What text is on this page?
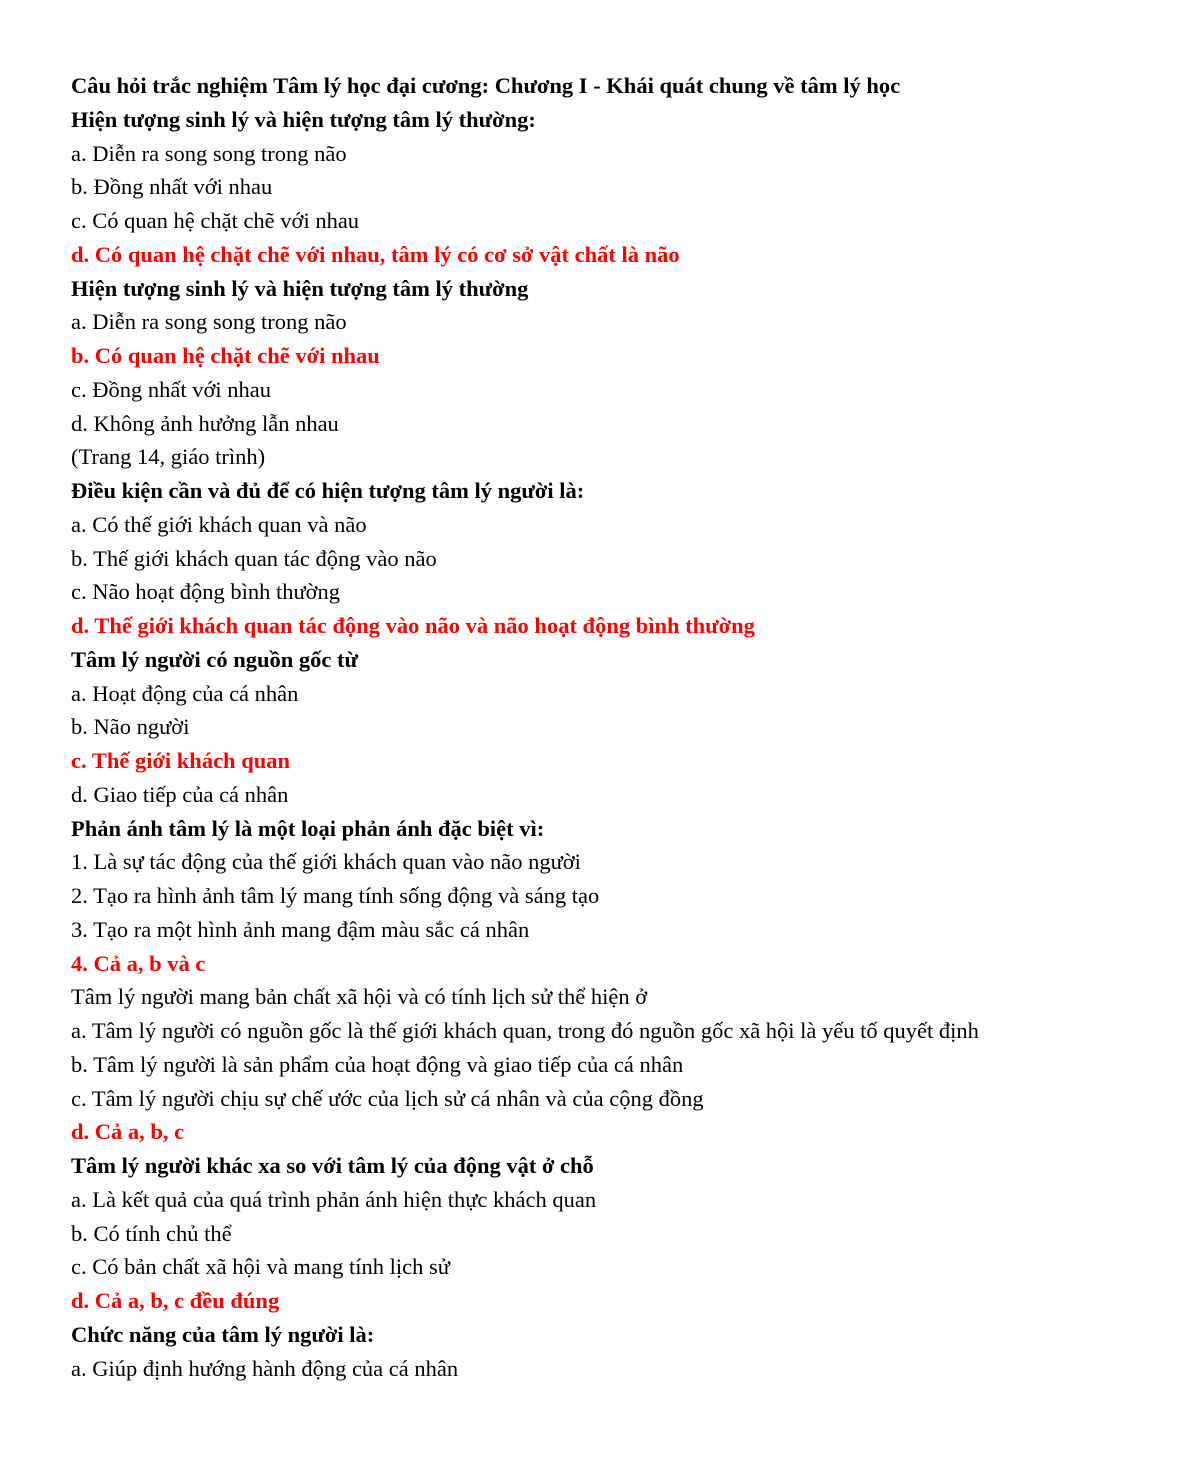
Câu hỏi trắc nghiệm Tâm lý học đại cương: Chương I - Khái quát chung về tâm lý học
Hiện tượng sinh lý và hiện tượng tâm lý thường:
a. Diễn ra song song trong não
b. Đồng nhất với nhau
c. Có quan hệ chặt chẽ với nhau
d. Có quan hệ chặt chẽ với nhau, tâm lý có cơ sở vật chất là não
Hiện tượng sinh lý và hiện tượng tâm lý thường
a. Diễn ra song song trong não
b. Có quan hệ chặt chẽ với nhau
c. Đồng nhất với nhau
d. Không ảnh hưởng lẫn nhau
(Trang 14, giáo trình)
Điều kiện cần và đủ để có hiện tượng tâm lý người là:
a. Có thế giới khách quan và não
b. Thế giới khách quan tác động vào não
c. Não hoạt động bình thường
d. Thế giới khách quan tác động vào não và não hoạt động bình thường
Tâm lý người có nguồn gốc từ
a. Hoạt động của cá nhân
b. Não người
c. Thế giới khách quan
d. Giao tiếp của cá nhân
Phản ánh tâm lý là một loại phản ánh đặc biệt vì:
1. Là sự tác động của thế giới khách quan vào não người
2. Tạo ra hình ảnh tâm lý mang tính sống động và sáng tạo
3. Tạo ra một hình ảnh mang đậm màu sắc cá nhân
4. Cả a, b và c
Tâm lý người mang bản chất xã hội và có tính lịch sử thể hiện ở
a. Tâm lý người có nguồn gốc là thế giới khách quan, trong đó nguồn gốc xã hội là yếu tố quyết định
b. Tâm lý người là sản phẩm của hoạt động và giao tiếp của cá nhân
c. Tâm lý người chịu sự chế ước của lịch sử cá nhân và của cộng đồng
d. Cả a, b, c
Tâm lý người khác xa so với tâm lý của động vật ở chỗ
a. Là kết quả của quá trình phản ánh hiện thực khách quan
b. Có tính chủ thể
c. Có bản chất xã hội và mang tính lịch sử
d. Cả a, b, c đều đúng
Chức năng của tâm lý người là:
a. Giúp định hướng hành động của cá nhân
